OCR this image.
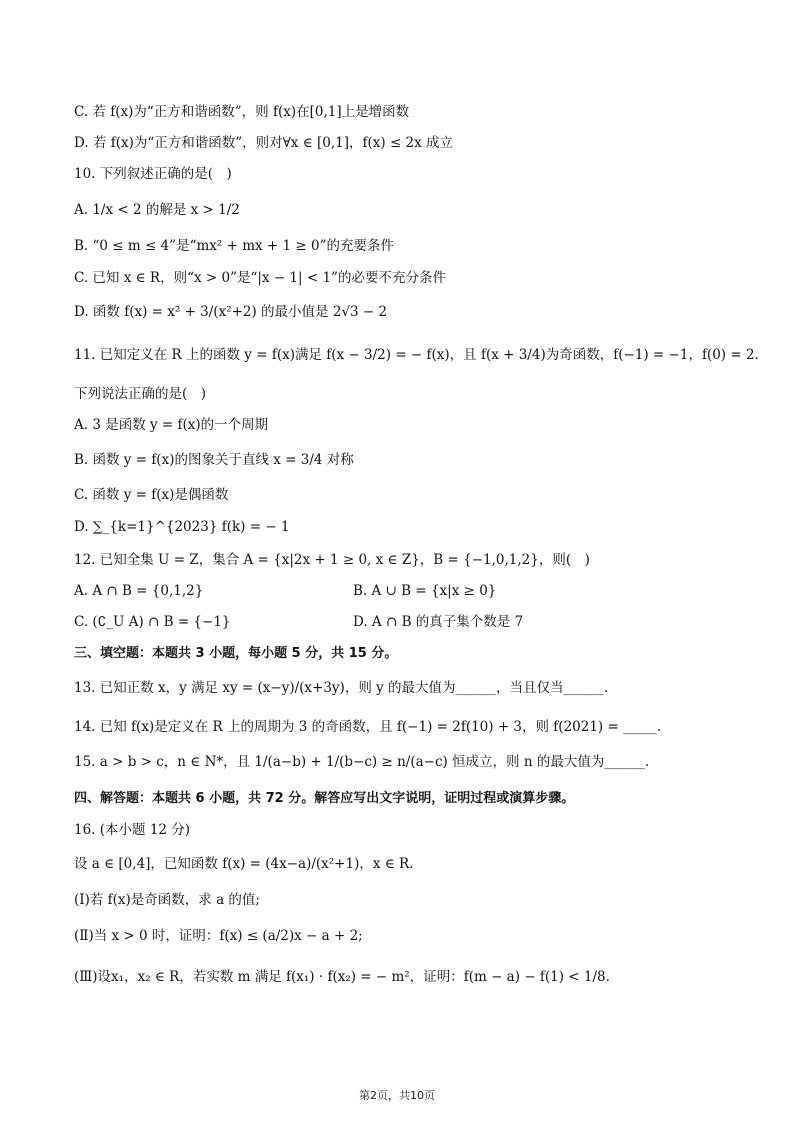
C. 若 f(x)为“正方和谐函数”，则 f(x)在[0,1]上是增函数
D. 若 f(x)为“正方和谐函数”，则对∀x ∈ [0,1]，f(x) ≤ 2x 成立
10. 下列叙述正确的是(　)
A. 1/x < 2 的解是 x > 1/2
B. “0 ≤ m ≤ 4”是“mx² + mx + 1 ≥ 0”的充要条件
C. 已知 x ∈ R，则“x > 0”是“|x − 1| < 1”的必要不充分条件
D. 函数 f(x) = x² + 3/(x²+2) 的最小值是 2√3 − 2
11. 已知定义在 R 上的函数 y = f(x)满足 f(x − 3/2) = − f(x)，且 f(x + 3/4)为奇函数，f(−1) = −1，f(0) = 2.
下列说法正确的是(　)
A. 3 是函数 y = f(x)的一个周期
B. 函数 y = f(x)的图象关于直线 x = 3/4 对称
C. 函数 y = f(x)是偶函数
D. ∑_{k=1}^{2023} f(k) = − 1
12. 已知全集 U = Z，集合 A = {x|2x + 1 ≥ 0, x ∈ Z}，B = {−1,0,1,2}，则(　)
A. A ∩ B = {0,1,2}	B. A ∪ B = {x|x ≥ 0}
C. (∁_U A) ∩ B = {−1}	D. A ∩ B 的真子集个数是 7
三、填空题：本题共 3 小题，每小题 5 分，共 15 分。
13. 已知正数 x，y 满足 xy = (x−y)/(x+3y)，则 y 的最大值为______，当且仅当______.
14. 已知 f(x)是定义在 R 上的周期为 3 的奇函数，且 f(−1) = 2f(10) + 3，则 f(2021) = _____.
15. a > b > c，n ∈ N*，且 1/(a−b) + 1/(b−c) ≥ n/(a−c) 恒成立，则 n 的最大值为______.
四、解答题：本题共 6 小题，共 72 分。解答应写出文字说明，证明过程或演算步骤。
16. (本小题 12 分)
设 a ∈ [0,4]，已知函数 f(x) = (4x−a)/(x²+1)，x ∈ R.
(Ⅰ)若 f(x)是奇函数，求 a 的值;
(Ⅱ)当 x > 0 时，证明：f(x) ≤ (a/2)x − a + 2;
(Ⅲ)设x₁，x₂ ∈ R，若实数 m 满足 f(x₁) · f(x₂) = − m²，证明：f(m − a) − f(1) < 1/8.
第2页，共10页
